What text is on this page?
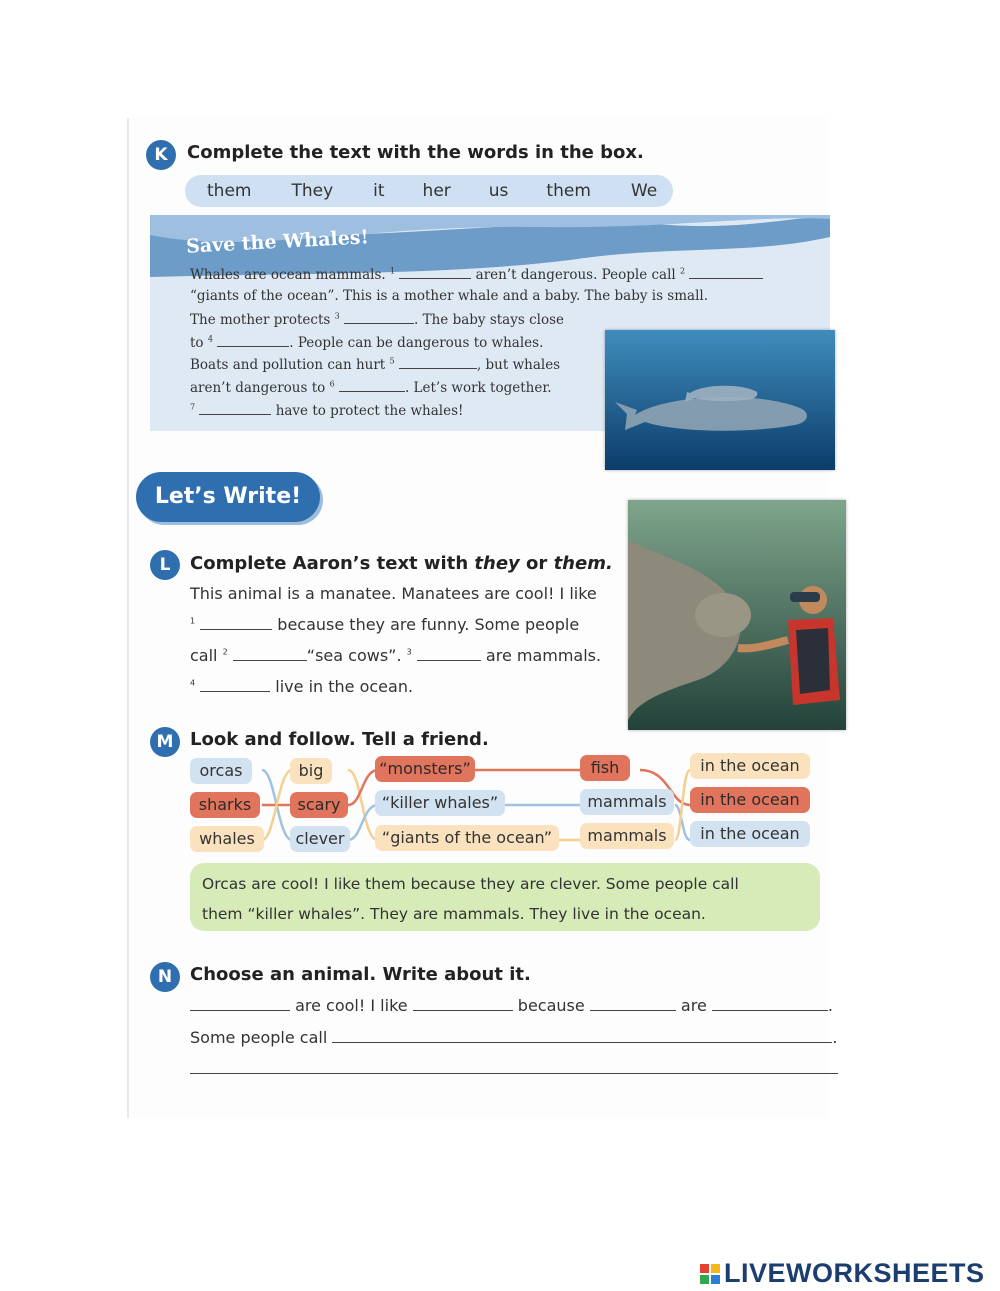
K	Complete the text with the words in the box.
them They it her us them We
Save the Whales!
Whales are ocean mammals. $^1$	aren’t dangerous. People call $^2$
“giants of the ocean”. This is a mother whale and a baby. The baby is small.
The mother protects $^3$	. The baby stays close
to $^4$	. People can be dangerous to whales.
Boats and pollution can hurt $^5$	, but whales
aren’t dangerous to $^6$	. Let’s work together.
$^7$	have to protect the whales!
Let’s Write!
L	Complete Aaron’s text with they or them.
This animal is a manatee. Manatees are cool! I like
$^1$	because they are funny. Some people
call $^2$	“sea cows”. $^3$	are mammals.
$^4$	live in the ocean.
M Look and follow. Tell a friend.
orcas
sharks
whales
big
scary
clever
“monsters”
“killer whales”
“giants of the ocean”
fish
mammals
mammals
in the ocean
in the ocean
in the ocean
Orcas are cool! I like them because they are clever. Some people call
them “killer whales”. They are mammals. They live in the ocean.
N Choose an animal. Write about it.
are cool! I like	because	are	.
Some people call	.
LIVEWORKSHEETS
